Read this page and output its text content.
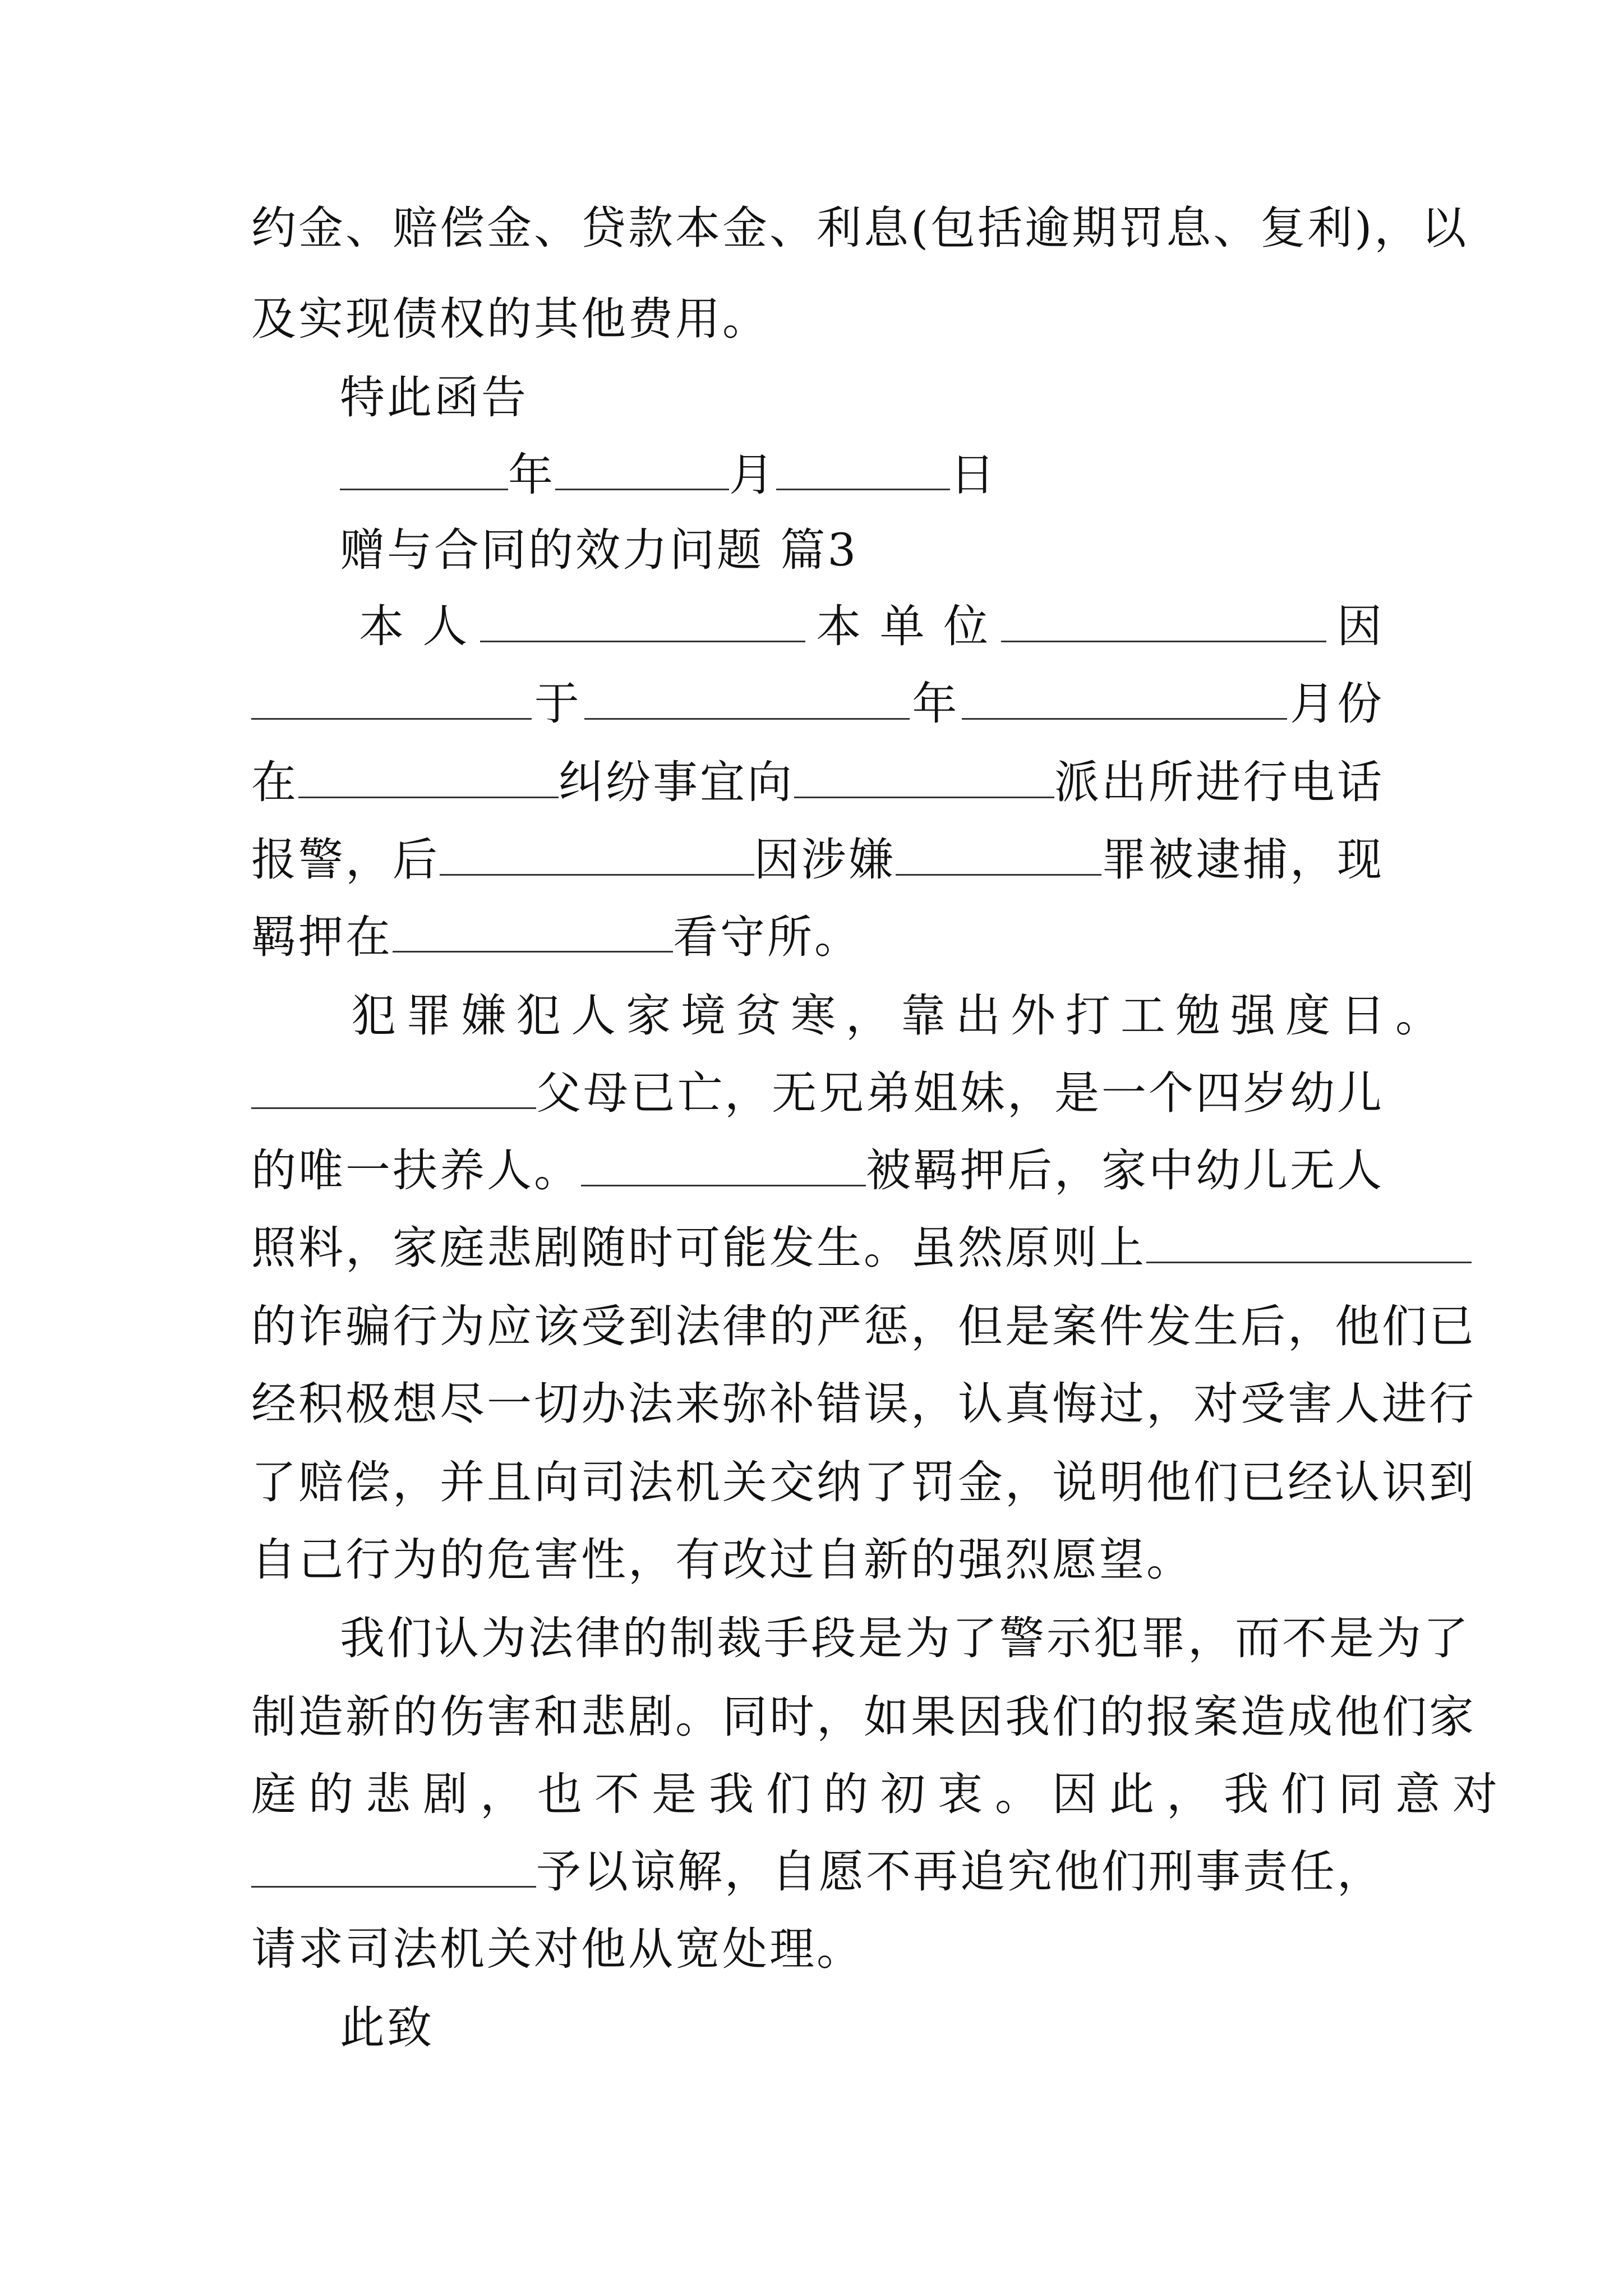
约金、赔偿金、贷款本金、利息(包括逾期罚息、复利)，以
及实现债权的其他费用。
特此函告
年	月	日
赠与合同的效力问题 篇3
本 人	本 单 位	因
于	年	月份
在	纠纷事宜向	派出所进行电话
报警，后	因涉嫌	罪被逮捕，现
羁押在	看守所。
犯罪嫌犯人家境贫寒，靠出外打工勉强度日。
父母已亡，无兄弟姐妹，是一个四岁幼儿
的唯一扶养人。	被羁押后，家中幼儿无人
照料，家庭悲剧随时可能发生。虽然原则上
的诈骗行为应该受到法律的严惩，但是案件发生后，他们已
经积极想尽一切办法来弥补错误，认真悔过，对受害人进行
了赔偿，并且向司法机关交纳了罚金，说明他们已经认识到
自己行为的危害性，有改过自新的强烈愿望。
我们认为法律的制裁手段是为了警示犯罪，而不是为了
制造新的伤害和悲剧。同时，如果因我们的报案造成他们家
庭的悲剧，也不是我们的初衷。因此，我们同意对
予以谅解，自愿不再追究他们刑事责任，
请求司法机关对他从宽处理。
此致
